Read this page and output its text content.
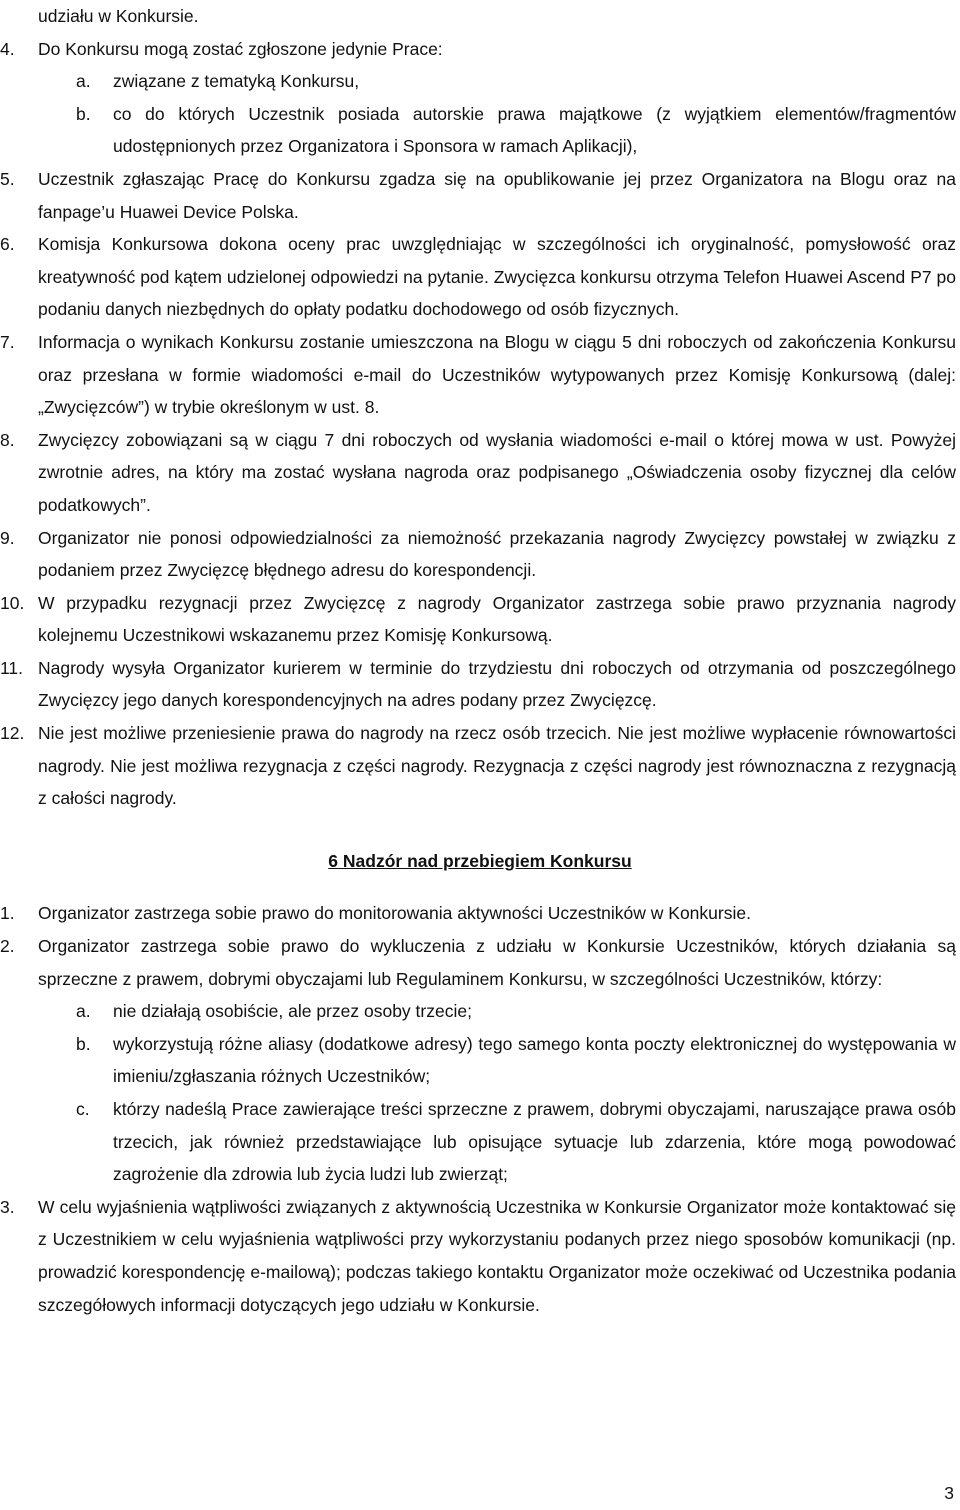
udziału w Konkursie.
4. Do Konkursu mogą zostać zgłoszone jedynie Prace:
a. związane z tematyką Konkursu,
b. co do których Uczestnik posiada autorskie prawa majątkowe (z wyjątkiem elementów/fragmentów udostępnionych przez Organizatora i Sponsora w ramach Aplikacji),
5. Uczestnik zgłaszając Pracę do Konkursu zgadza się na opublikowanie jej przez Organizatora na Blogu oraz na fanpage’u Huawei Device Polska.
6. Komisja Konkursowa dokona oceny prac uwzględniając w szczególności ich oryginalność, pomysłowość oraz kreatywność pod kątem udzielonej odpowiedzi na pytanie. Zwycięzca konkursu otrzyma Telefon Huawei Ascend P7 po podaniu danych niezbędnych do opłaty podatku dochodowego od osób fizycznych.
7. Informacja o wynikach Konkursu zostanie umieszczona na Blogu w ciągu 5 dni roboczych od zakończenia Konkursu oraz przesłana w formie wiadomości e-mail do Uczestników wytypowanych przez Komisję Konkursową (dalej: „Zwycięzców”) w trybie określonym w ust. 8.
8. Zwycięzcy zobowiązani są w ciągu 7 dni roboczych od wysłania wiadomości e-mail o której mowa w ust. Powyżej zwrotnie adres, na który ma zostać wysłana nagroda oraz podpisanego „Oświadczenia osoby fizycznej dla celów podatkowych”.
9. Organizator nie ponosi odpowiedzialności za niemożność przekazania nagrody Zwycięzcy powstałej w związku z podaniem przez Zwycięzcę błędnego adresu do korespondencji.
10. W przypadku rezygnacji przez Zwycięzcę z nagrody Organizator zastrzega sobie prawo przyznania nagrody kolejnemu Uczestnikowi wskazanemu przez Komisję Konkursową.
11. Nagrody wysyła Organizator kurierem w terminie do trzydziestu dni roboczych od otrzymania od poszczególnego Zwycięzcy jego danych korespondencyjnych na adres podany przez Zwycięzcę.
12. Nie jest możliwe przeniesienie prawa do nagrody na rzecz osób trzecich. Nie jest możliwe wypłacenie równowartości nagrody. Nie jest możliwa rezygnacja z części nagrody. Rezygnacja z części nagrody jest równoznaczna z rezygnacją z całości nagrody.
6 Nadzór nad przebiegiem Konkursu
1. Organizator zastrzega sobie prawo do monitorowania aktywności Uczestników w Konkursie.
2. Organizator zastrzega sobie prawo do wykluczenia z udziału w Konkursie Uczestników, których działania są sprzeczne z prawem, dobrymi obyczajami lub Regulaminem Konkursu, w szczególności Uczestników, którzy:
a. nie działają osobiście, ale przez osoby trzecie;
b. wykorzystują różne aliasy (dodatkowe adresy) tego samego konta poczty elektronicznej do występowania w imieniu/zgłaszania różnych Uczestników;
c. którzy nadeślą Prace zawierające treści sprzeczne z prawem, dobrymi obyczajami, naruszające prawa osób trzecich, jak również przedstawiające lub opisujące sytuacje lub zdarzenia, które mogą powodować zagrożenie dla zdrowia lub życia ludzi lub zwierząt;
3. W celu wyjaśnienia wątpliwości związanych z aktywnością Uczestnika w Konkursie Organizator może kontaktować się z Uczestnikiem w celu wyjaśnienia wątpliwości przy wykorzystaniu podanych przez niego sposobów komunikacji (np. prowadzić korespondencję e-mailową); podczas takiego kontaktu Organizator może oczekiwać od Uczestnika podania szczegółowych informacji dotyczących jego udziału w Konkursie.
3
